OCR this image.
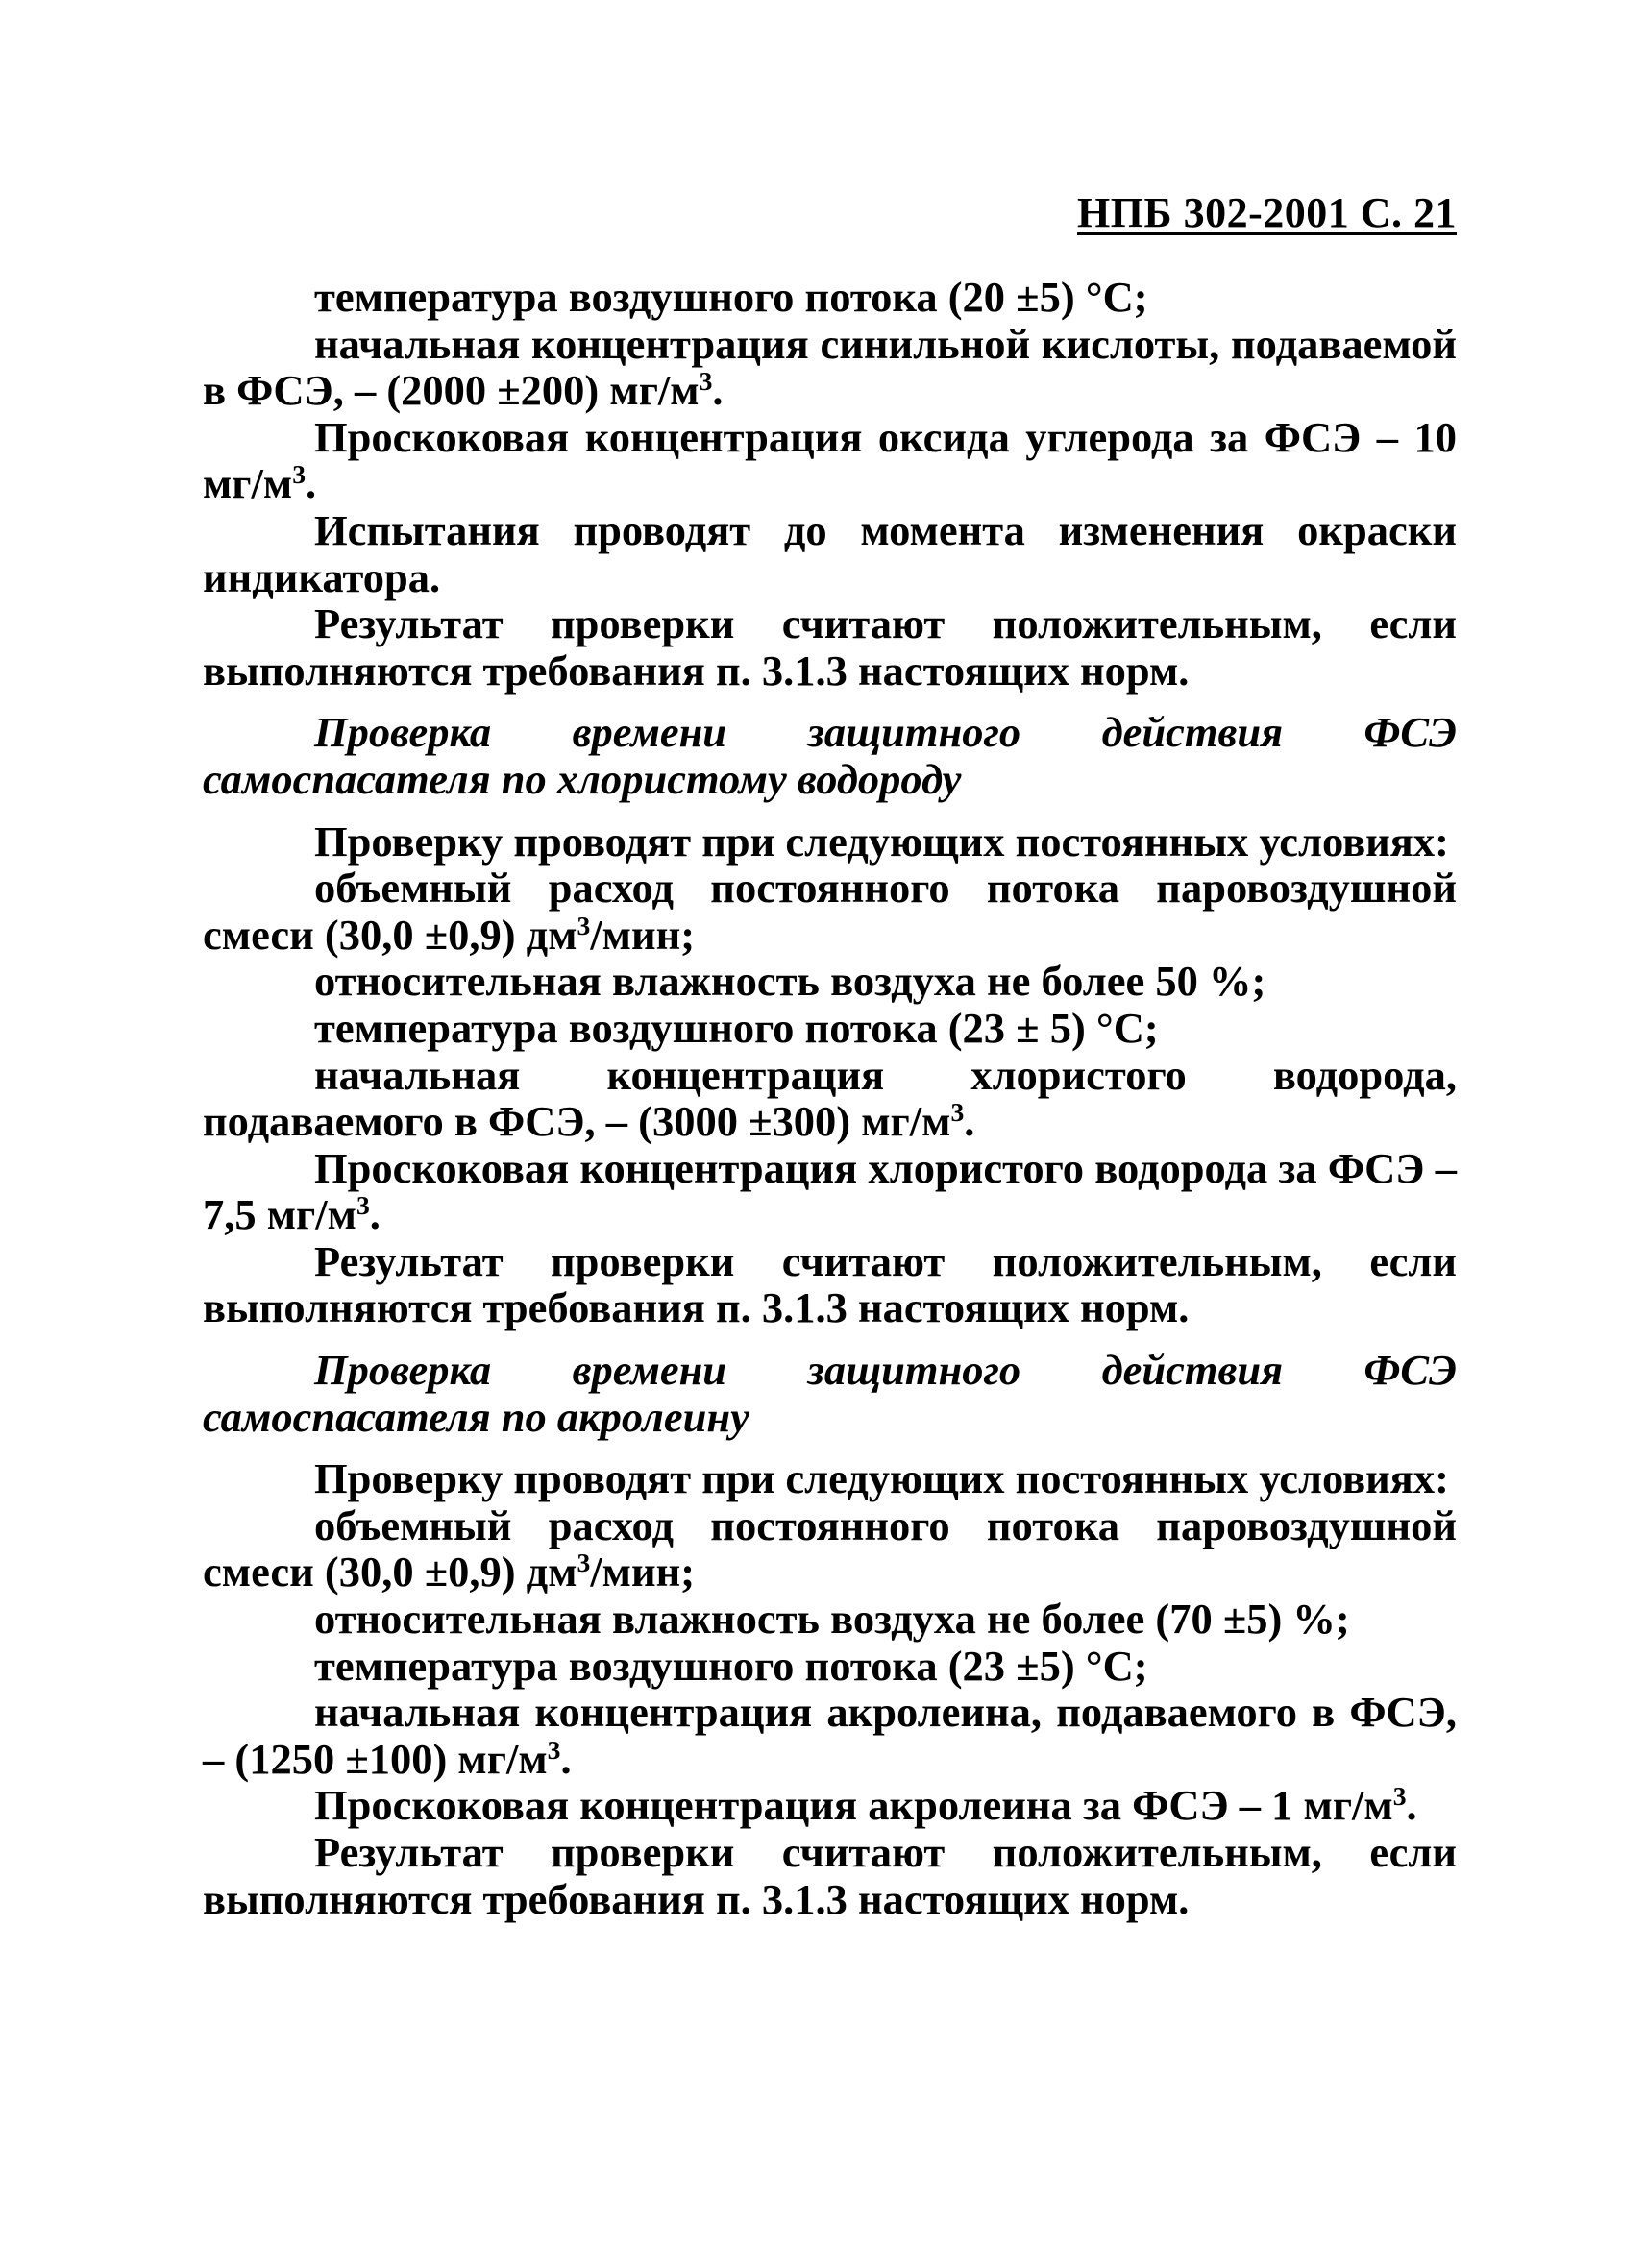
НПБ 302-2001 С. 21

температура воздушного потока (20 ±5) °С;

начальная концентрация синильной кислоты, подаваемой в ФСЭ, – (2000 ±200) $мг/м^3$.

Проскоковая концентрация оксида углерода за ФСЭ – 10 $мг/м^3$.

Испытания проводят до момента изменения окраски индикатора.

Результат проверки считают положительным, если выполняются требования п. 3.1.3 настоящих норм.

Проверка времени защитного действия ФСЭ самоспасателя по хлористому водороду

Проверку проводят при следующих постоянных условиях:

объемный расход постоянного потока паровоздушной смеси (30,0 ±0,9) $дм^3$/мин;

относительная влажность воздуха не более 50 %;

температура воздушного потока (23 ± 5) °С;

начальная концентрация хлористого водорода, подаваемого в ФСЭ, – (3000 ±300) $мг/м^3$.

Проскоковая концентрация хлористого водорода за ФСЭ – 7,5 $мг/м^3$.

Результат проверки считают положительным, если выполняются требования п. 3.1.3 настоящих норм.

Проверка времени защитного действия ФСЭ самоспасателя по акролеину

Проверку проводят при следующих постоянных условиях:

объемный расход постоянного потока паровоздушной смеси (30,0 ±0,9) $дм^3$/мин;

относительная влажность воздуха не более (70 ±5) %;

температура воздушного потока (23 ±5) °С;

начальная концентрация акролеина, подаваемого в ФСЭ, – (1250 ±100) $мг/м^3$.

Проскоковая концентрация акролеина за ФСЭ – 1 $мг/м^3$.

Результат проверки считают положительным, если выполняются требования п. 3.1.3 настоящих норм.
